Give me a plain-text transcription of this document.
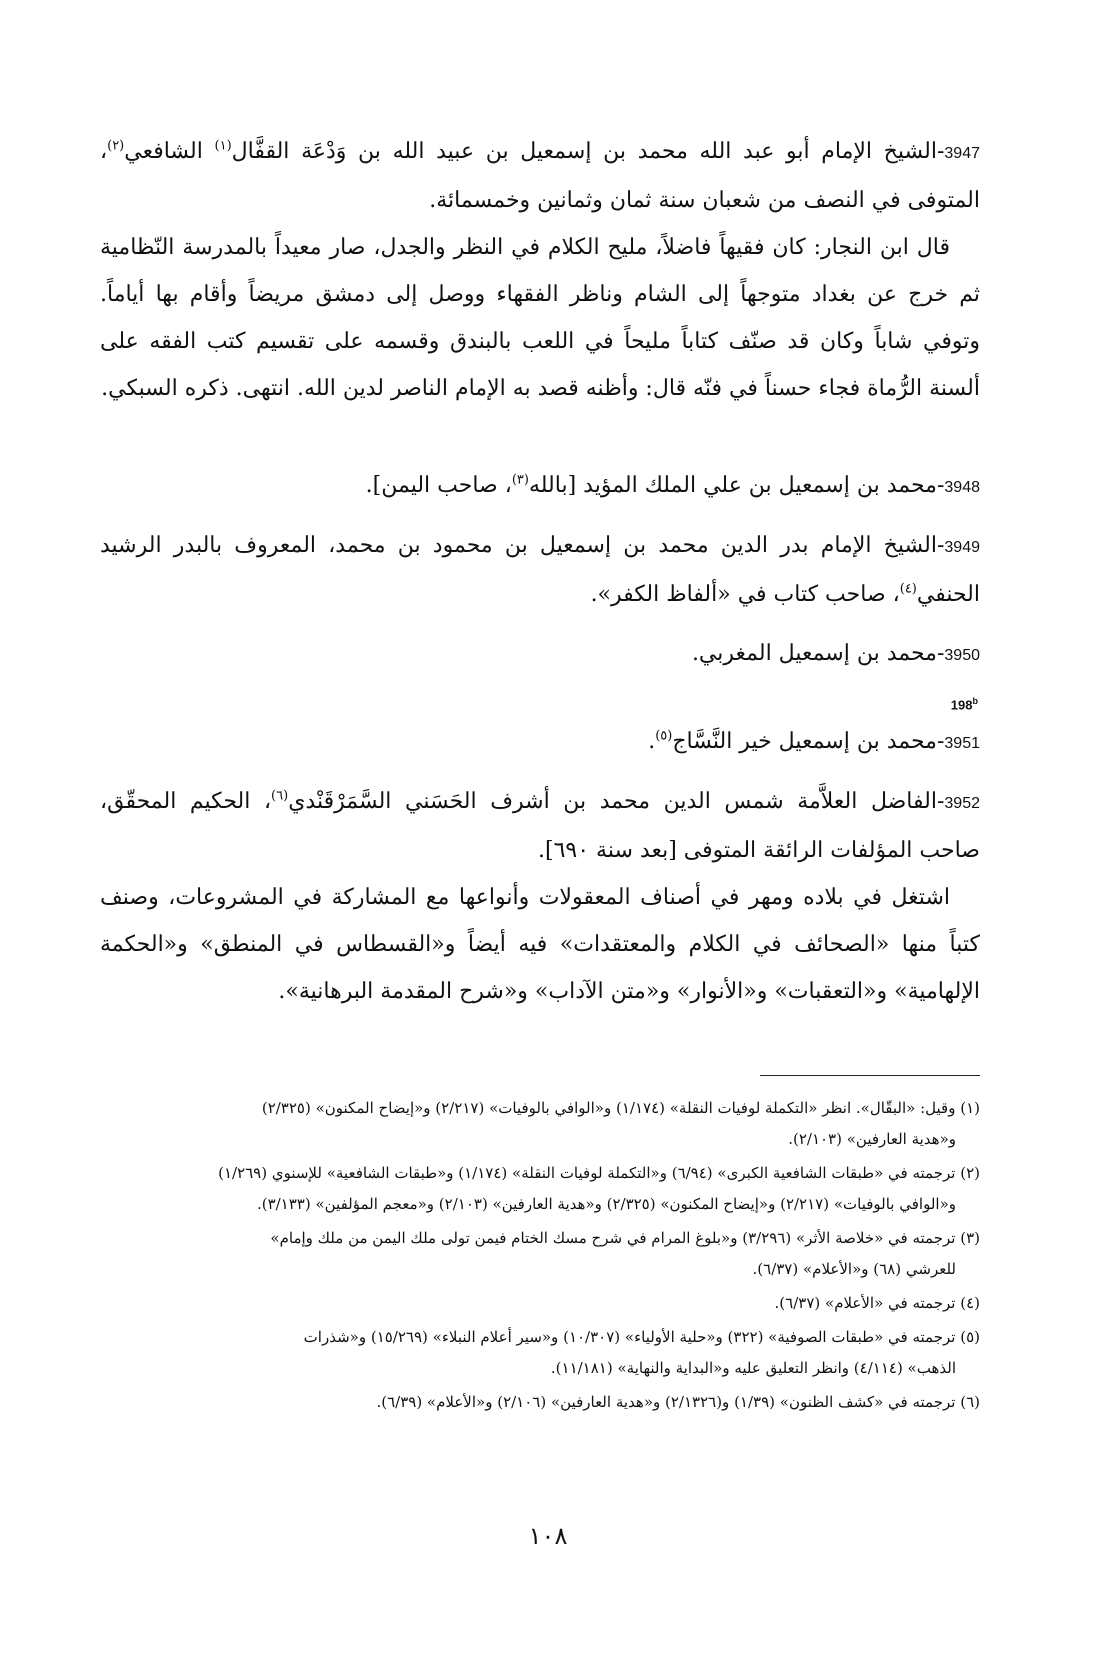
3947-الشيخ الإمام أبو عبد الله محمد بن إسمعيل بن عبيد الله بن وَدْعَة القفَّال$^{(١)}$ الشافعي$^{(٢)}$، المتوفى في النصف من شعبان سنة ثمان وثمانين وخمسمائة.

قال ابن النجار: كان فقيهاً فاضلاً، مليح الكلام في النظر والجدل، صار معيداً بالمدرسة النّظامية ثم خرج عن بغداد متوجهاً إلى الشام وناظر الفقهاء ووصل إلى دمشق مريضاً وأقام بها أياماً. وتوفي شاباً وكان قد صنّف كتاباً مليحاً في اللعب بالبندق وقسمه على تقسيم كتب الفقه على ألسنة الرُّماة فجاء حسناً في فنّه قال: وأظنه قصد به الإمام الناصر لدين الله. انتهى. ذكره السبكي.

3948-محمد بن إسمعيل بن علي الملك المؤيد [بالله$^{(٣)}$، صاحب اليمن].

3949-الشيخ الإمام بدر الدين محمد بن إسمعيل بن محمود بن محمد، المعروف بالبدر الرشيد الحنفي$^{(٤)}$، صاحب كتاب في «ألفاظ الكفر».

3950-محمد بن إسمعيل المغربي.

198$^b$

3951-محمد بن إسمعيل خير النَّسَّاج$^{(٥)}$.

3952-الفاضل العلاَّمة شمس الدين محمد بن أشرف الحَسَني السَّمَرْقَنْدي$^{(٦)}$، الحكيم المحقّق، صاحب المؤلفات الرائقة المتوفى [بعد سنة ٦٩٠].

اشتغل في بلاده ومهر في أصناف المعقولات وأنواعها مع المشاركة في المشروعات، وصنف كتباً منها «الصحائف في الكلام والمعتقدات» فيه أيضاً و«القسطاس في المنطق» و«الحكمة الإلهامية» و«التعقبات» و«الأنوار» و«متن الآداب» و«شرح المقدمة البرهانية».

(١) وقيل: «البقّال». انظر «التكملة لوفيات النقلة» (١/١٧٤) و«الوافي بالوفيات» (٢/٢١٧) و«إيضاح المكنون» (٢/٣٢٥)
و«هدية العارفين» (٢/١٠٣).
(٢) ترجمته في «طبقات الشافعية الكبرى» (٦/٩٤) و«التكملة لوفيات النقلة» (١/١٧٤) و«طبقات الشافعية» للإسنوي (١/٢٦٩)
و«الوافي بالوفيات» (٢/٢١٧) و«إيضاح المكنون» (٢/٣٢٥) و«هدية العارفين» (٢/١٠٣) و«معجم المؤلفين» (٣/١٣٣).
(٣) ترجمته في «خلاصة الأثر» (٣/٢٩٦) و«بلوغ المرام في شرح مسك الختام فيمن تولى ملك اليمن من ملك وإمام»
للعرشي (٦٨) و«الأعلام» (٦/٣٧).
(٤) ترجمته في «الأعلام» (٦/٣٧).
(٥) ترجمته في «طبقات الصوفية» (٣٢٢) و«حلية الأولياء» (١٠/٣٠٧) و«سير أعلام النبلاء» (١٥/٢٦٩) و«شذرات
الذهب» (٤/١١٤) وانظر التعليق عليه و«البداية والنهاية» (١١/١٨١).
(٦) ترجمته في «كشف الظنون» (١/٣٩) و(٢/١٣٢٦) و«هدية العارفين» (٢/١٠٦) و«الأعلام» (٦/٣٩).
١٠٨
